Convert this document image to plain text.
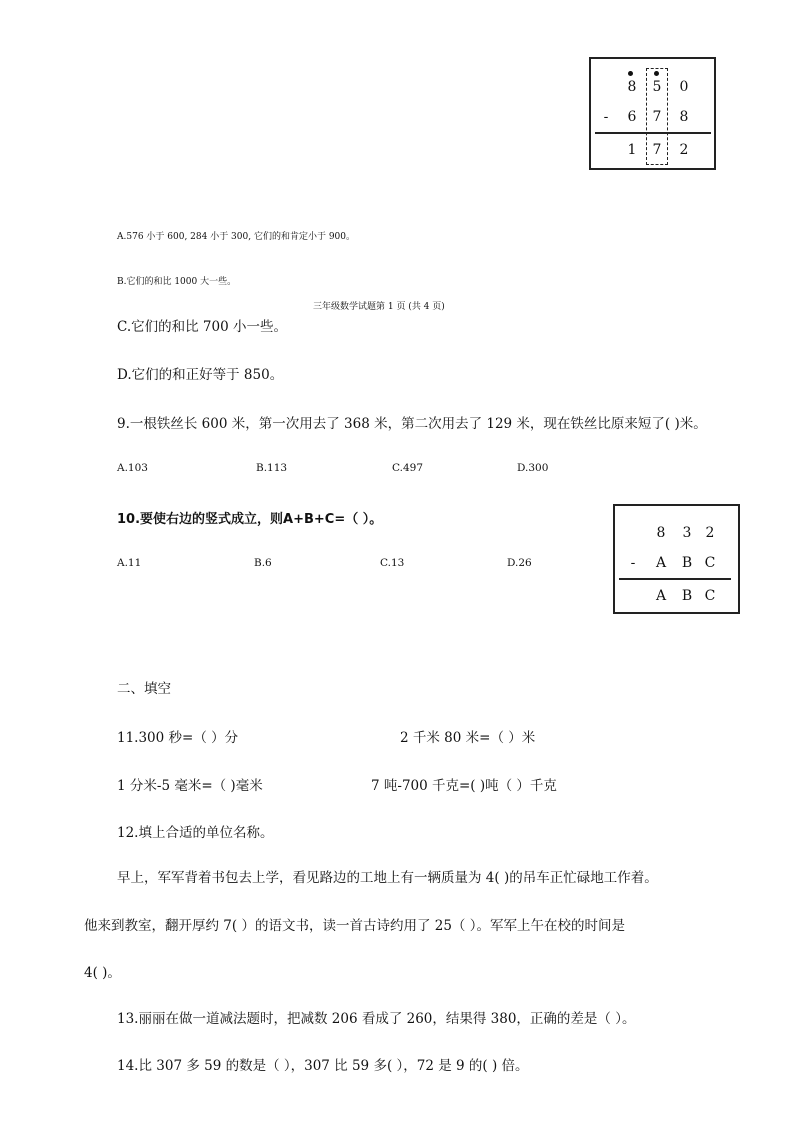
8 5 0
-	6 7 8
1 7 2
A.576 小于 600, 284 小于 300, 它们的和肯定小于 900。
B.它们的和比 1000 大一些。
三年级数学试题第 1 页 (共 4 页)
C.它们的和比 700 小一些。
D.它们的和正好等于 850。
9.一根铁丝长 600 米，第一次用去了 368 米，第二次用去了 129 米，现在铁丝比原来短了( )米。
A.103	B.113	C.497	D.300
10.要使右边的竖式成立，则A+B+C=（ ）。
A.11	B.6	C.13	D.26
8 3 2
-	A B C
A B C
二、填空
11.300 秒=（ ）分	2 千米 80 米=（ ）米
1 分米-5 毫米=（ )毫米	7 吨-700 千克=( )吨（ ）千克
12.填上合适的单位名称。
早上，军军背着书包去上学，看见路边的工地上有一辆质量为 4( )的吊车正忙碌地工作着。
他来到教室，翻开厚约 7( ）的语文书，读一首古诗约用了 25（ ）。军军上午在校的时间是
4( )。
13.丽丽在做一道减法题时，把减数 206 看成了 260，结果得 380，正确的差是（ ）。
14.比 307 多 59 的数是（ ），307 比 59 多( ），72 是 9 的( ) 倍。
